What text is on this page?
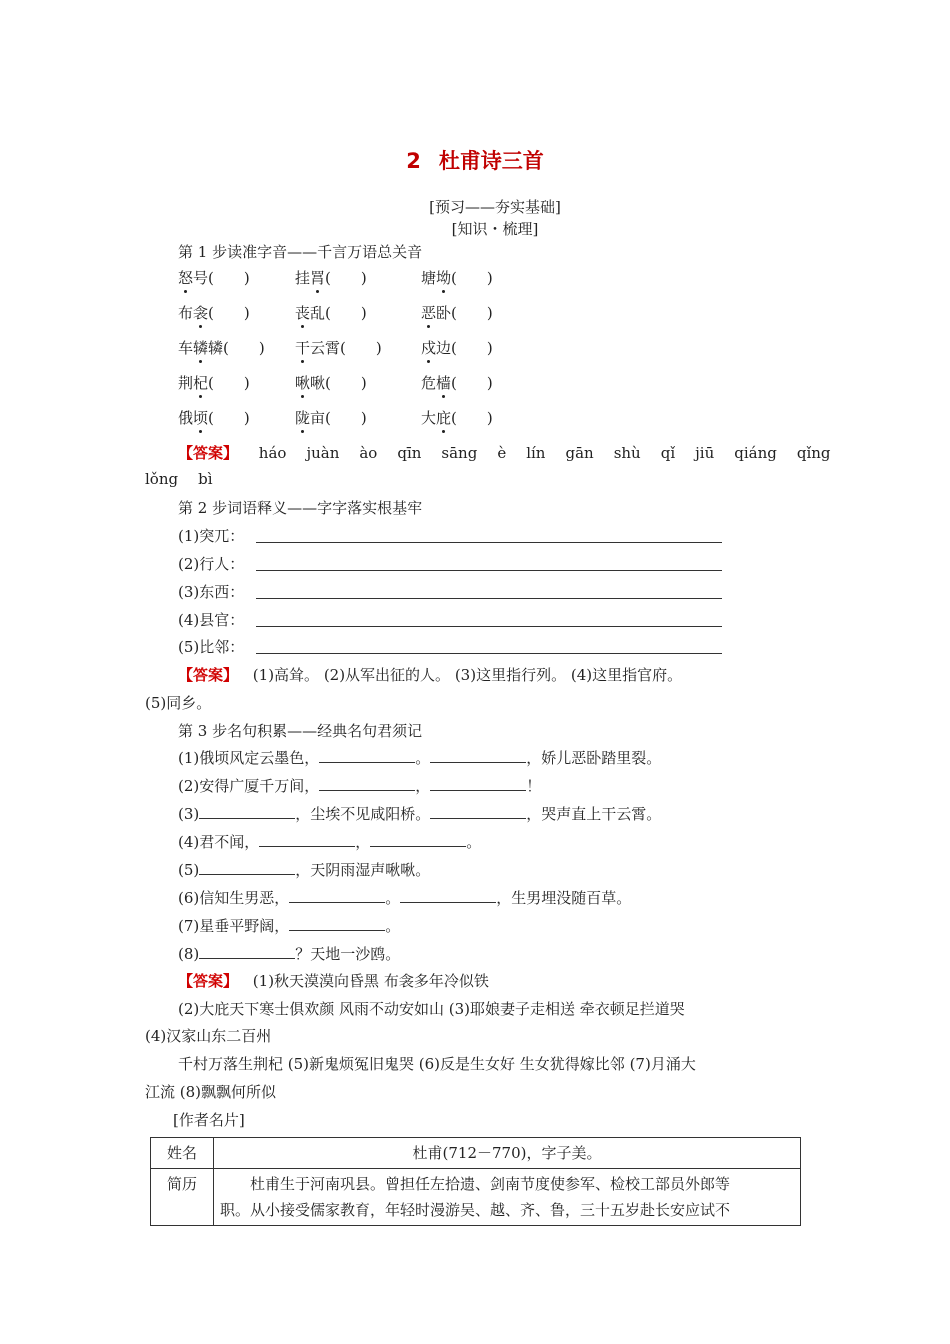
2 杜甫诗三首
[预习——夯实基础]
[知识・梳理]
第 1 步读准字音——千言万语总关音
怒号(　　)	挂罥(　　)	塘坳(　　)
布衾(　　)	丧乱(　　)	恶卧(　　)
车辚辚(　　) 干云霄(　　)	戍边(　　)
荆杞(　　)	啾啾(　　)	危樯(　　)
俄顷(　　)	陇亩(　　)	大庇(　　)
【答案】 háo juàn ào qīn sāng è lín gān shù qǐ jiū qiáng qǐng
lǒng bì
第 2 步词语释义——字字落实根基牢
(1)突兀：
(2)行人：
(3)东西：
(4)县官：
(5)比邻：
【答案】 (1)高耸。 (2)从军出征的人。 (3)这里指行列。 (4)这里指官府。
(5)同乡。
第 3 步名句积累——经典名句君须记
(1)俄顷风定云墨色，	。	，娇儿恶卧踏里裂。
(2)安得广厦千万间，	，	！
(3)	，尘埃不见咸阳桥。	，哭声直上干云霄。
(4)君不闻，	，	。
(5)	，天阴雨湿声啾啾。
(6)信知生男恶，	。	，生男埋没随百草。
(7)星垂平野阔，	。
(8)	？天地一沙鸥。
【答案】 (1)秋天漠漠向昏黑 布衾多年冷似铁
(2)大庇天下寒士俱欢颜 风雨不动安如山 (3)耶娘妻子走相送 牵衣顿足拦道哭
(4)汉家山东二百州
千村万落生荆杞 (5)新鬼烦冤旧鬼哭 (6)反是生女好 生女犹得嫁比邻 (7)月涌大
江流 (8)飘飘何所似
[作者名片]
姓名	杜甫(712－770)，字子美。
简历	杜甫生于河南巩县。曾担任左拾遗、剑南节度使参军、检校工部员外郎等
职。从小接受儒家教育，年轻时漫游吴、越、齐、鲁，三十五岁赴长安应试不
